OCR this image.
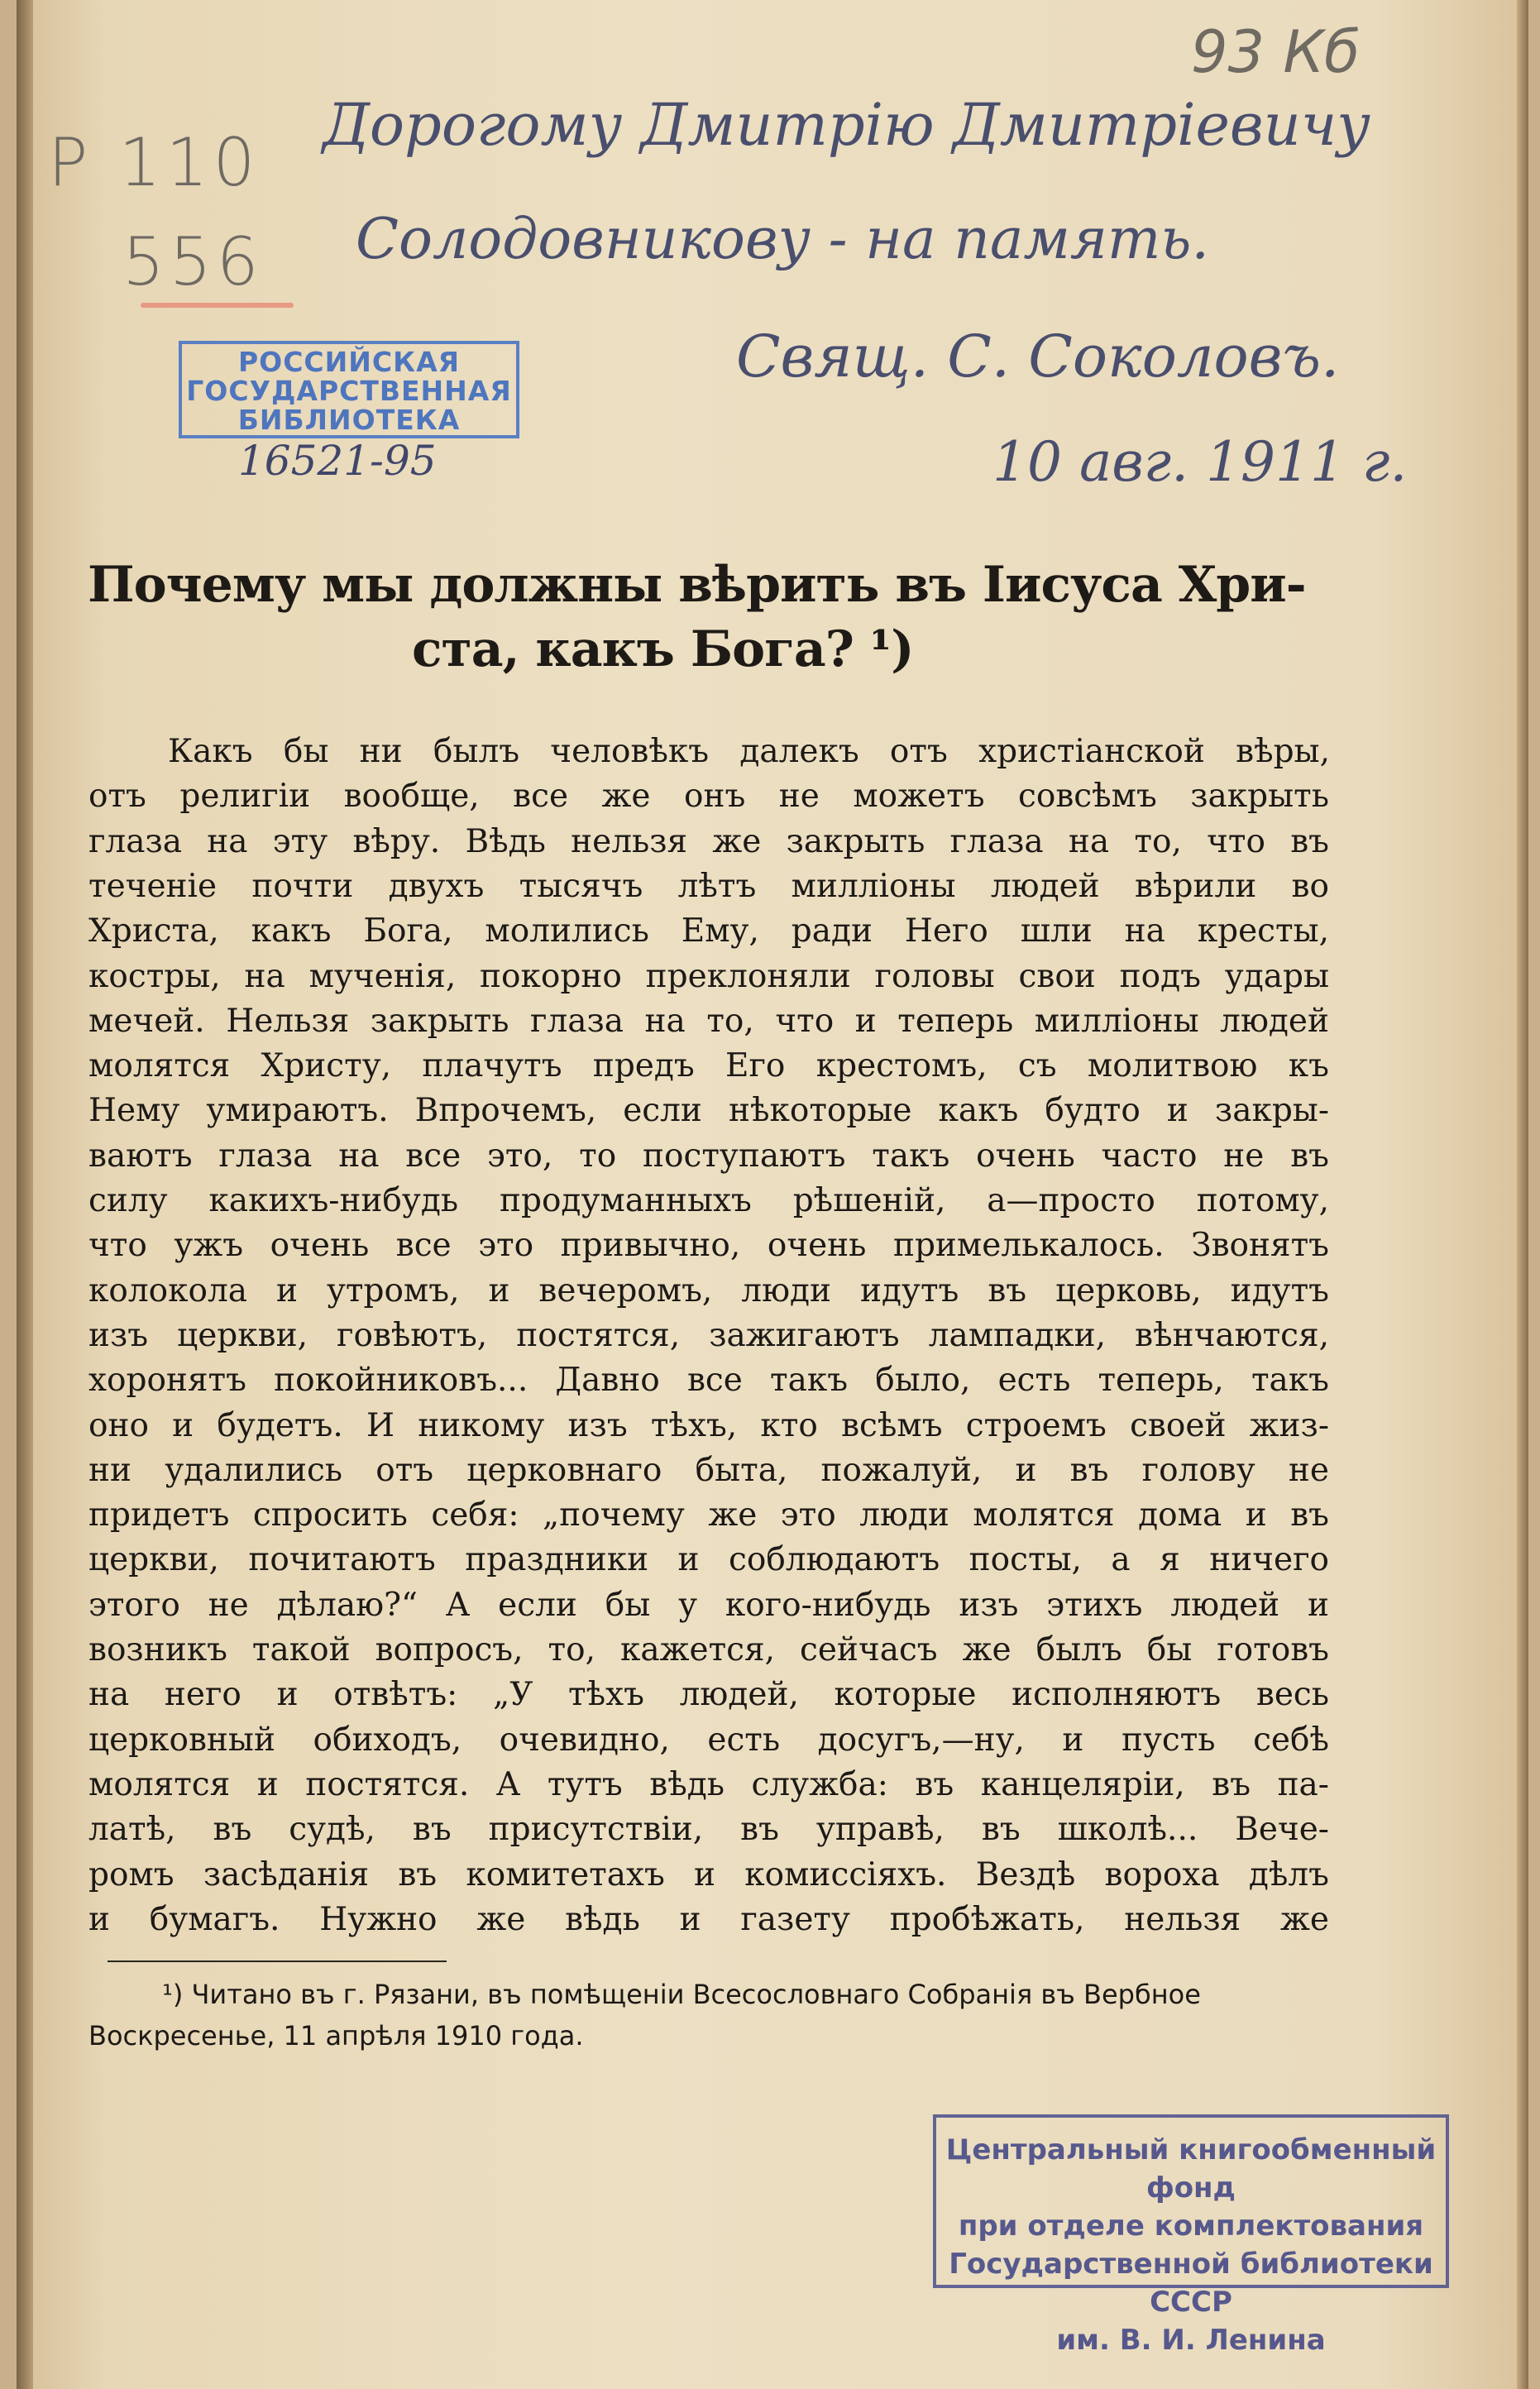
Р 110
556
93 Кб
Дорогому Дмитрію Дмитріевичу
Солодовникову - на память.
Свящ. С. Соколовъ.
10 авг. 1911 г.
РОССИЙСКАЯ
ГОСУДАРСТВЕННАЯ
БИБЛИОТЕКА
16521-95
Почему мы должны вѣрить въ Іисуса Хри-
ста, какъ Бога? ¹)
Какъ бы ни былъ человѣкъ далекъ отъ христіанской вѣры,
отъ религіи вообще, все же онъ не можетъ совсѣмъ закрыть
глаза на эту вѣру. Вѣдь нельзя же закрыть глаза на то, что въ
теченіе почти двухъ тысячъ лѣтъ милліоны людей вѣрили во
Христа, какъ Бога, молились Ему, ради Него шли на кресты,
костры, на мученія, покорно преклоняли головы свои подъ удары
мечей. Нельзя закрыть глаза на то, что и теперь милліоны людей
молятся Христу, плачутъ предъ Его крестомъ, съ молитвою къ
Нему умираютъ. Впрочемъ, если нѣкоторые какъ будто и закры-
ваютъ глаза на все это, то поступаютъ такъ очень часто не въ
силу какихъ-нибудь продуманныхъ рѣшеній, а—просто потому,
что ужъ очень все это привычно, очень примелькалось. Звонятъ
колокола и утромъ, и вечеромъ, люди идутъ въ церковь, идутъ
изъ церкви, говѣютъ, постятся, зажигаютъ лампадки, вѣнчаются,
хоронятъ покойниковъ... Давно все такъ было, есть теперь, такъ
оно и будетъ. И никому изъ тѣхъ, кто всѣмъ строемъ своей жиз-
ни удалились отъ церковнаго быта, пожалуй, и въ голову не
придетъ спросить себя: „почему же это люди молятся дома и въ
церкви, почитаютъ праздники и соблюдаютъ посты, а я ничего
этого не дѣлаю?“ А если бы у кого-нибудь изъ этихъ людей и
возникъ такой вопросъ, то, кажется, сейчасъ же былъ бы готовъ
на него и отвѣтъ: „У тѣхъ людей, которые исполняютъ весь
церковный обиходъ, очевидно, есть досугъ,—ну, и пусть себѣ
молятся и постятся. А тутъ вѣдь служба: въ канцеляріи, въ па-
латѣ, въ судѣ, въ присутствіи, въ управѣ, въ школѣ... Вече-
ромъ засѣданія въ комитетахъ и комиссіяхъ. Вездѣ вороха дѣлъ
и бумагъ. Нужно же вѣдь и газету пробѣжать, нельзя же
¹) Читано въ г. Рязани, въ помѣщеніи Всесословнаго Собранія въ Вербное
Воскресенье, 11 апрѣля 1910 года.
Центральный книгообменный фонд
при отделе комплектования
Государственной библиотеки СССР
им. В. И. Ленина
